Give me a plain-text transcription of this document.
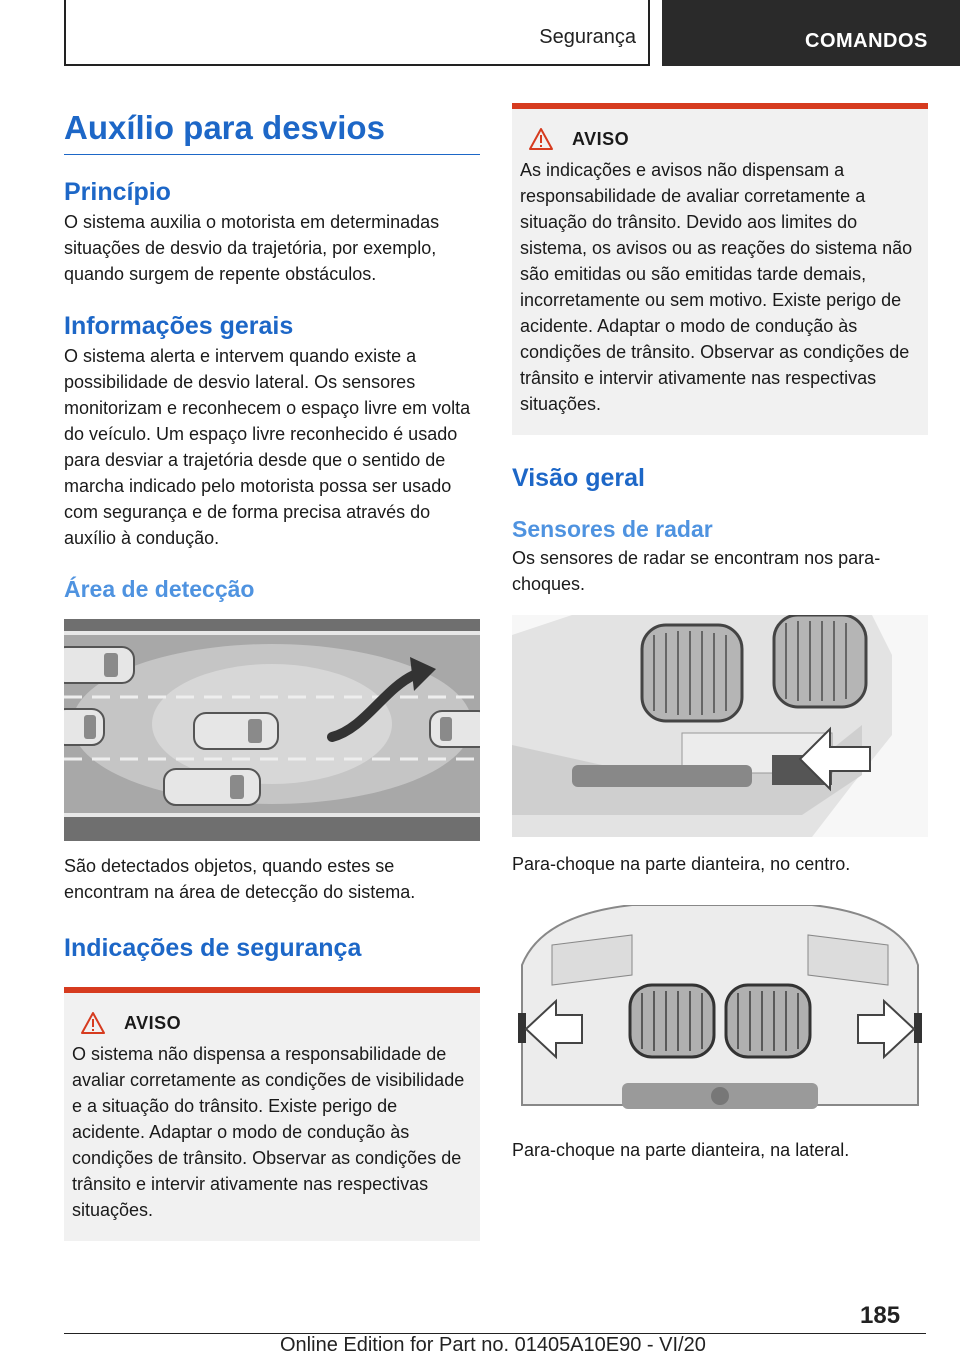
Segurança	COMANDOS
Auxílio para desvios
Princípio
O sistema auxilia o motorista em determinadas situações de desvio da trajetória, por exemplo, quando surgem de repente obstáculos.
Informações gerais
O sistema alerta e intervem quando existe a possibilidade de desvio lateral. Os sensores monitorizam e reconhecem o espaço livre em volta do veículo. Um espaço livre reconhecido é usado para desviar a trajetória desde que o sentido de marcha indicado pelo motorista possa ser usado com segurança e de forma precisa através do auxílio à condução.
Área de detecção
São detectados objetos, quando estes se encontram na área de detecção do sistema.
Indicações de segurança
AVISO
O sistema não dispensa a responsabilidade de avaliar corretamente as condições de visibilidade e a situação do trânsito. Existe perigo de acidente. Adaptar o modo de condução às condições de trânsito. Observar as condições de trânsito e intervir ativamente nas respectivas situações.
AVISO
As indicações e avisos não dispensam a responsabilidade de avaliar corretamente a situação do trânsito. Devido aos limites do sistema, os avisos ou as reações do sistema não são emitidas ou são emitidas tarde demais, incorretamente ou sem motivo. Existe perigo de acidente. Adaptar o modo de condução às condições de trânsito. Observar as condições de trânsito e intervir ativamente nas respectivas situações.
Visão geral
Sensores de radar
Os sensores de radar se encontram nos para-choques.
Para-choque na parte dianteira, no centro.
Para-choque na parte dianteira, na lateral.
185
Online Edition for Part no. 01405A10E90 - VI/20
